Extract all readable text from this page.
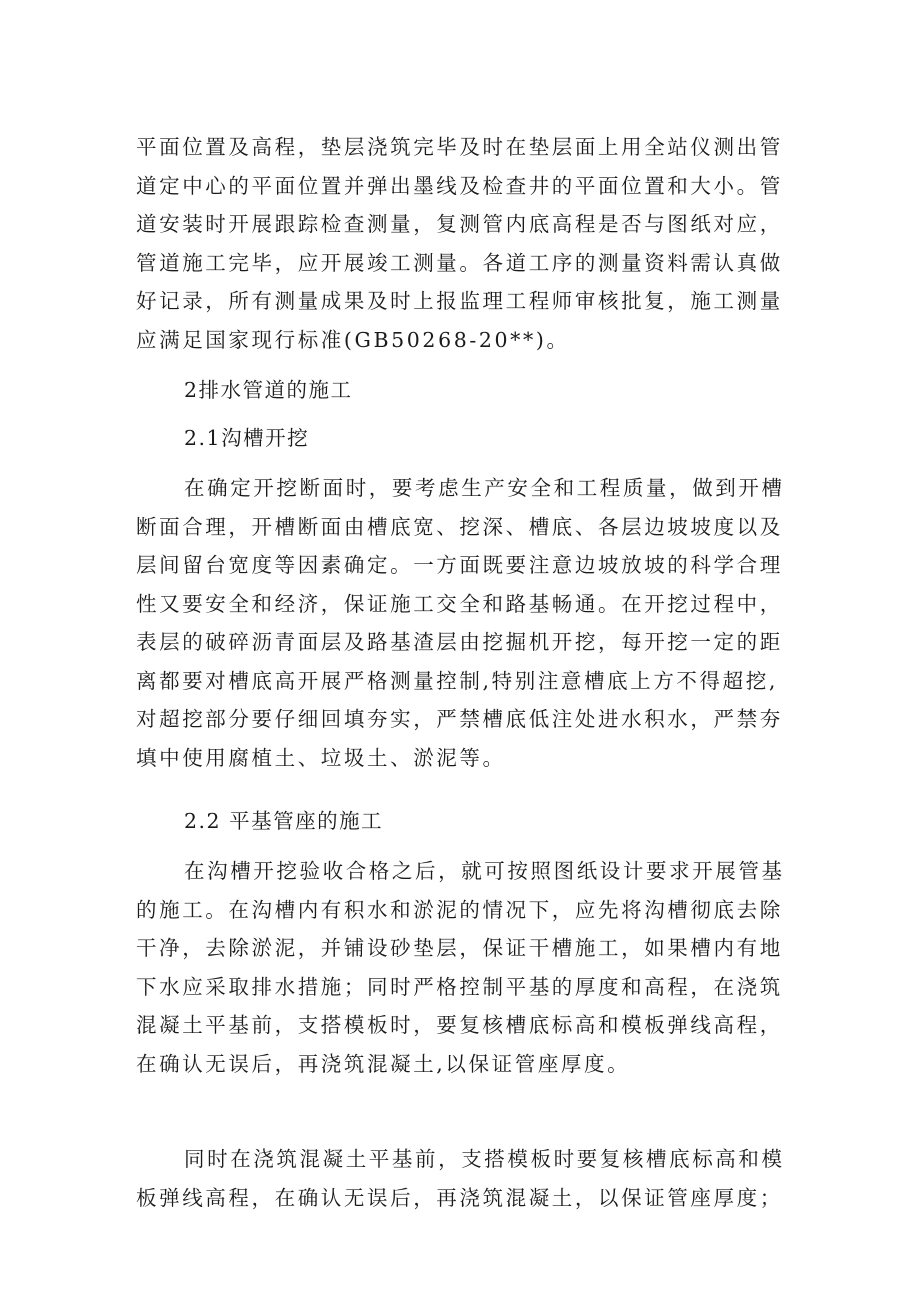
平面位置及高程，垫层浇筑完毕及时在垫层面上用全站仪测出管道定中心的平面位置并弹出墨线及检查井的平面位置和大小。管道安装时开展跟踪检查测量，复测管内底高程是否与图纸对应，管道施工完毕，应开展竣工测量。各道工序的测量资料需认真做好记录，所有测量成果及时上报监理工程师审核批复，施工测量应满足国家现行标准(GB50268-20**)。

2排水管道的施工

2.1沟槽开挖

在确定开挖断面时，要考虑生产安全和工程质量，做到开槽断面合理，开槽断面由槽底宽、挖深、槽底、各层边坡坡度以及层间留台宽度等因素确定。一方面既要注意边坡放坡的科学合理性又要安全和经济，保证施工交全和路基畅通。在开挖过程中，表层的破碎沥青面层及路基渣层由挖掘机开挖，每开挖一定的距离都要对槽底高开展严格测量控制,特别注意槽底上方不得超挖,对超挖部分要仔细回填夯实，严禁槽底低注处进水积水，严禁夯填中使用腐植土、垃圾土、淤泥等。

2.2 平基管座的施工

在沟槽开挖验收合格之后，就可按照图纸设计要求开展管基的施工。在沟槽内有积水和淤泥的情况下，应先将沟槽彻底去除干净，去除淤泥，并铺设砂垫层，保证干槽施工，如果槽内有地下水应采取排水措施；同时严格控制平基的厚度和高程，在浇筑混凝土平基前，支搭模板时，要复核槽底标高和模板弹线高程，在确认无误后，再浇筑混凝土,以保证管座厚度。

同时在浇筑混凝土平基前，支搭模板时要复核槽底标高和模板弹线高程，在确认无误后，再浇筑混凝土，以保证管座厚度；
